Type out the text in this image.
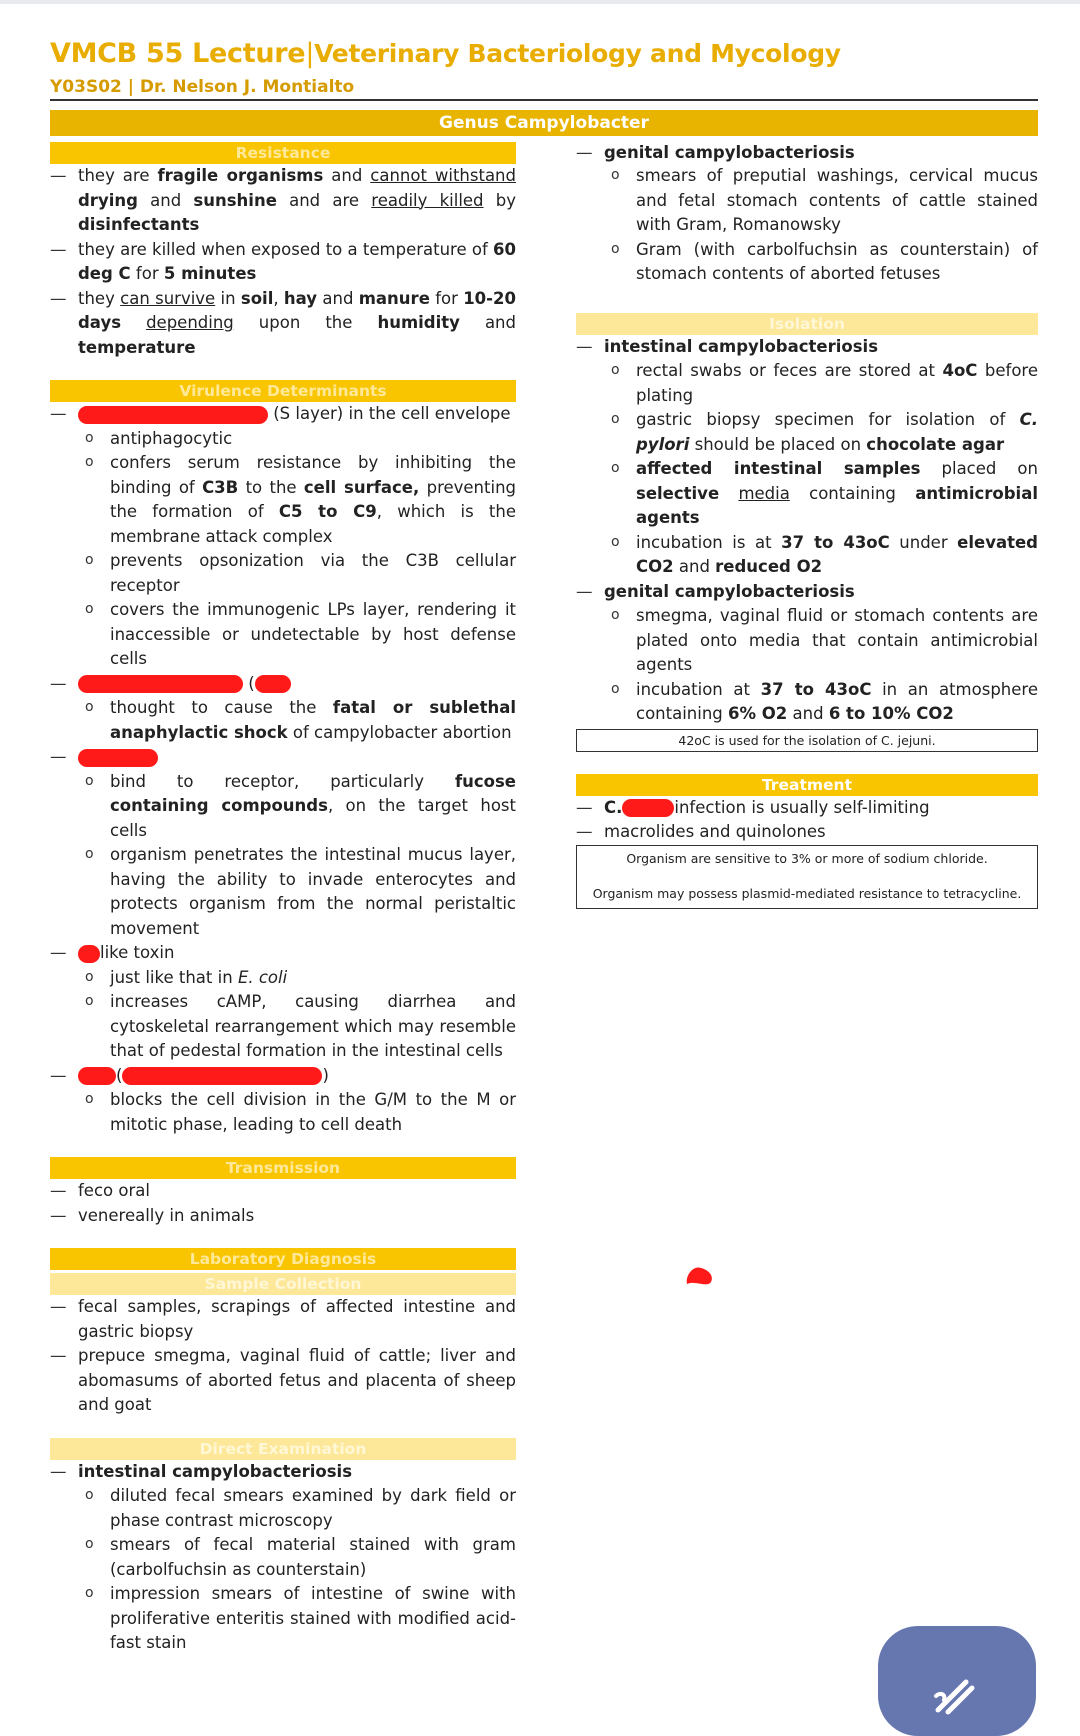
VMCB 55 Lecture|Veterinary Bacteriology and Mycology
Y03S02 | Dr. Nelson J. Montialto
Genus Campylobacter
Resistance
— they are fragile organisms and cannot withstand drying and sunshine and are readily killed by disinfectants
— they are killed when exposed to a temperature of 60 deg C for 5 minutes
— they can survive in soil, hay and manure for 10-20 days depending upon the humidity and temperature
Virulence Determinants
— (S layer) in the cell envelope
o antiphagocytic
o confers serum resistance by inhibiting the binding of C3B to the cell surface, preventing the formation of C5 to C9, which is the membrane attack complex
o prevents opsonization via the C3B cellular receptor
o covers the immunogenic LPs layer, rendering it inaccessible or undetectable by host defense cells
— (
o thought to cause the fatal or sublethal anaphylactic shock of campylobacter abortion
—
o bind to receptor, particularly fucose containing compounds, on the target host cells
o organism penetrates the intestinal mucus layer, having the ability to invade enterocytes and protects organism from the normal peristaltic movement
— like toxin
o just like that in E. coli
o increases cAMP, causing diarrhea and cytoskeletal rearrangement which may resemble that of pedestal formation in the intestinal cells
— (	)
o blocks the cell division in the G/M to the M or mitotic phase, leading to cell death
Transmission
— feco oral
— venereally in animals
Laboratory Diagnosis
Sample Collection
— fecal samples, scrapings of affected intestine and gastric biopsy
— prepuce smegma, vaginal fluid of cattle; liver and abomasums of aborted fetus and placenta of sheep and goat
Direct Examination
— intestinal campylobacteriosis
o diluted fecal smears examined by dark field or phase contrast microscopy
o smears of fecal material stained with gram (carbolfuchsin as counterstain)
o impression smears of intestine of swine with proliferative enteritis stained with modified acid-fast stain
— genital campylobacteriosis
o smears of preputial washings, cervical mucus and fetal stomach contents of cattle stained with Gram, Romanowsky
o Gram (with carbolfuchsin as counterstain) of stomach contents of aborted fetuses
Isolation
— intestinal campylobacteriosis
o rectal swabs or feces are stored at 4oC before plating
o gastric biopsy specimen for isolation of C. pylori should be placed on chocolate agar
o affected intestinal samples placed on selective media containing antimicrobial agents
o incubation is at 37 to 43oC under elevated CO2 and reduced O2
— genital campylobacteriosis
o smegma, vaginal fluid or stomach contents are plated onto media that contain antimicrobial agents
o incubation at 37 to 43oC in an atmosphere containing 6% O2 and 6 to 10% CO2
42oC is used for the isolation of C. jejuni.
Treatment
— C.	infection is usually self-limiting
— macrolides and quinolones
Organism are sensitive to 3% or more of sodium chloride.
Organism may possess plasmid-mediated resistance to tetracycline.
